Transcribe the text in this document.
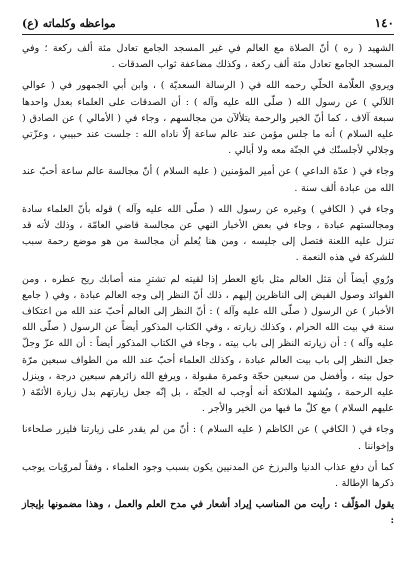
١٤٠
مواعظه وكلماته (ع)

الشهيد ( ره ) أنّ الصلاة مع العالم في غير المسجد الجامع تعادل مئة ألف ركعة ؛ وفي المسجد الجامع تعادل مئة ألف ركعة ، وكذلك مضاعفة ثواب الصدقات .

ويروي العلّامة الحلّي رحمه الله في ( الرسالة السعديّة ) ، وابن أبي الجمهور في ( عوالي اللآلي ) عن رسول الله ( صلّى الله عليه وآله ) : أن الصدقات على العلماء بعدل واحدها سبعة آلاف ، كما أنّ الخير والرحمة يتلألآن من مجالسهم ، وجاء في ( الأمالي ) عن الصادق ( عليه السلام ) أنه ما جلس مؤمن عند عالم ساعة إلّا ناداه الله : جلست عند حبيبي ، وعزّتي وجلالي لأجلسنّك في الجنّة معه ولا أبالي .

وجاء في ( عدّة الداعي ) عن أمير المؤمنين ( عليه السلام ) أنّ مجالسة عالم ساعة أحبّ عند الله من عبادة ألف سنة .

وجاء في ( الكافي ) وغيره عن رسول الله ( صلّى الله عليه وآله ) قوله بأنّ العلماء سادة ومجالستهم عبادة ، وجاء في بعض الأخبار النهي عن مجالسة قاضي العامّة ، وذلك لأنه قد تنزل عليه اللعنة فتصل إلى جليسه ، ومن هنا يُعلم أن مجالسة من هو موضع رحمة سبب للشركة في هذه النعمة .

ورُوي أيضاً أن مَثل العالم مثل بائع العطر إذا لقيته لم تشترِ منه أصابك ريح عطره ، ومن الفوائد وصول الفيض إلى الناظرين إليهم ، ذلك أنّ النظر إلى وجه العالم عبادة ، وفي ( جامع الأخبار ) عن الرسول ( صلّى الله عليه وآله ) : أنّ النظر إلى العالم أحبّ عند الله من اعتكاف سنة في بيت الله الحرام ، وكذلك زيارته ، وفي الكتاب المذكور أيضاً عن الرسول ( صلّى الله عليه وآله ) : أن زيارته النظر إلى باب بيته ، وجاء في الكتاب المذكور أيضاً : أن الله عزّ وجلّ جعل النظر إلى باب بيت العالم عبادة ، وكذلك العلماء أحبّ عند الله من الطواف سبعين مرّة حول بيته ، وأفضل من سبعين حجّة وعمرة مقبولة ، ويرفع الله زائرهم سبعين درجة ، وينزل عليه الرحمة ، ويُشهد الملائكة أنه أوجب له الجنّة ، بل إنّه جعل زيارتهم بدل زيارة الأئمّة ( عليهم السلام ) مع كلّ ما فيها من الخير والأجر .

وجاء في ( الكافي ) عن الكاظم ( عليه السلام ) : أنّ من لم يقدر على زيارتنا فليزر صلحاءنا وإخواننا .

كما أن دفع عذاب الدنيا والبرزخ عن المدنيين يكون بسبب وجود العلماء ، وفقاً لمروّيات يوجب ذكرها الإطالة .

يقول المؤلّف : رأيت من المناسب إيراد أشعار في مدح العلم والعمل ، وهذا مضمونها بإيجاز :
